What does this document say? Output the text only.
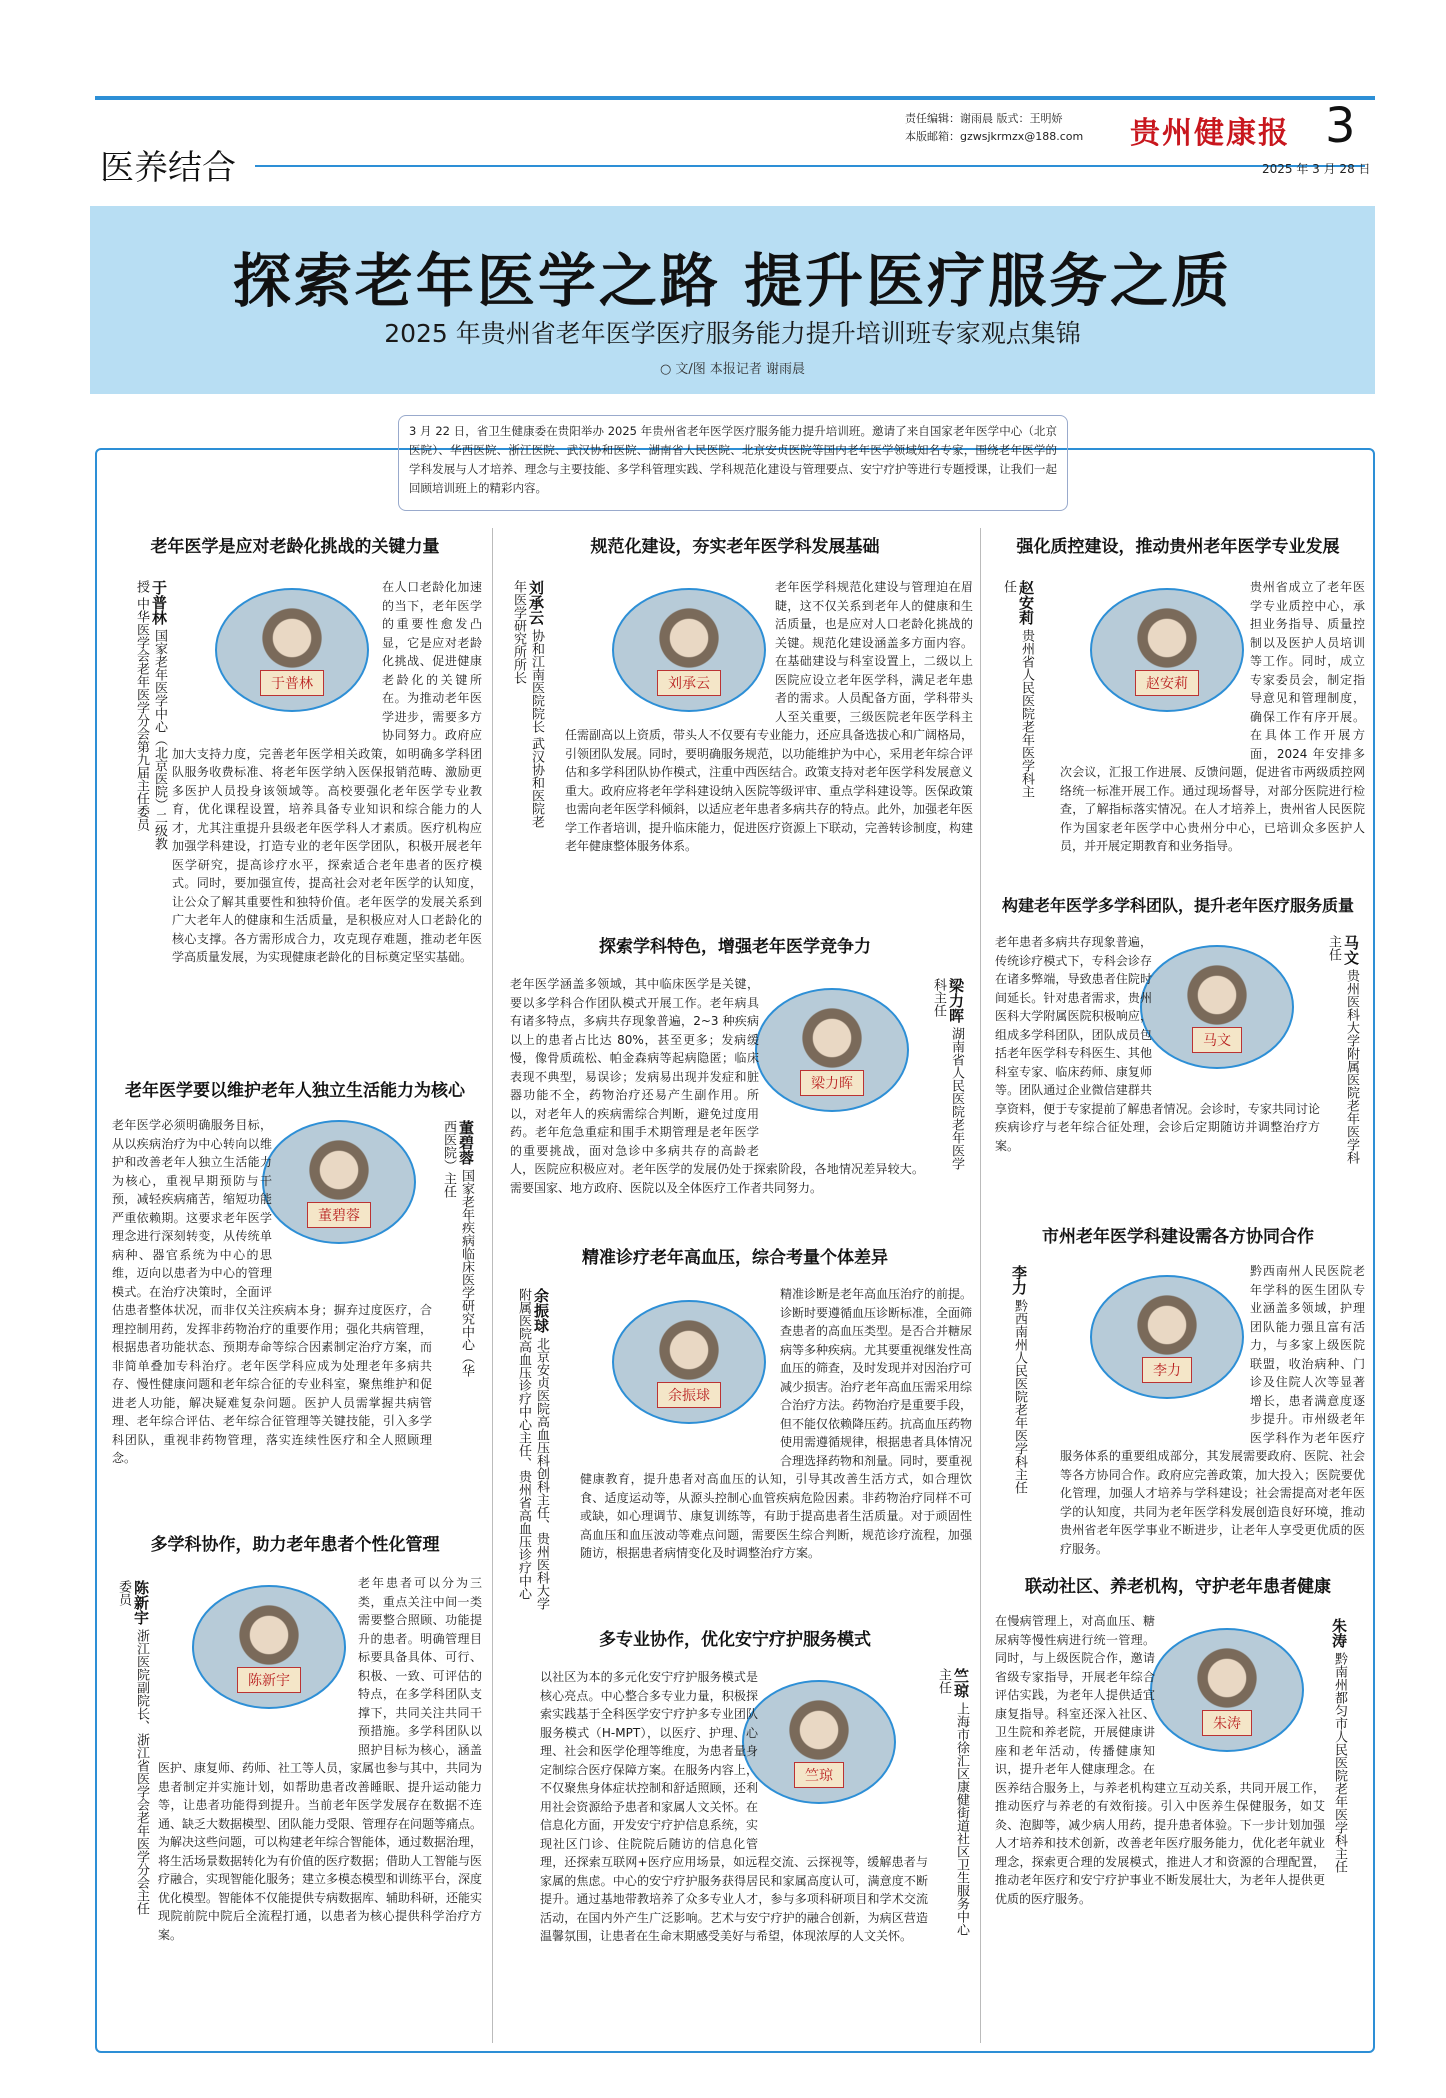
医养结合
责任编辑：谢雨晨 版式：王明娇
本版邮箱：gzwsjkrmzx@188.com 贵州健康报 3
2025 年 3 月 28 日
探索老年医学之路 提升医疗服务之质
2025 年贵州省老年医学医疗服务能力提升培训班专家观点集锦
○ 文/图 本报记者 谢雨晨
3 月 22 日，省卫生健康委在贵阳举办 2025 年贵州省老年医学医疗服务能力提升培训班。邀请了来自国家老年医学中心（北京医院）、华西医院、浙江医院、武汉协和医院、湖南省人民医院、北京安贞医院等国内老年医学领域知名专家，围绕老年医学的学科发展与人才培养、理念与主要技能、多学科管理实践、学科规范化建设与管理要点、安宁疗护等进行专题授课，让我们一起回顾培训班上的精彩内容。
老年医学是应对老龄化挑战的关键力量
于普林 国家老年医学中心（北京医院）二级教授 中华医学会老年医学分会第九届主任委员	于普林
在人口老龄化加速的当下，老年医学的重要性愈发凸显，它是应对老龄化挑战、促进健康老龄化的关键所在。为推动老年医学进步，需要多方协同努力。政府应加大支持力度，完善老年医学相关政策，如明确多学科团队服务收费标准、将老年医学纳入医保报销范畴、激励更多医护人员投身该领域等。高校要强化老年医学专业教育，优化课程设置，培养具备专业知识和综合能力的人才，尤其注重提升县级老年医学科人才素质。医疗机构应加强学科建设，打造专业的老年医学团队，积极开展老年医学研究，提高诊疗水平，探索适合老年患者的医疗模式。同时，要加强宣传，提高社会对老年医学的认知度，让公众了解其重要性和独特价值。老年医学的发展关系到广大老年人的健康和生活质量，是积极应对人口老龄化的核心支撑。各方需形成合力，攻克现存难题，推动老年医学高质量发展，为实现健康老龄化的目标奠定坚实基础。
老年医学要以维护老年人独立生活能力为核心
董碧蓉 国家老年疾病临床医学研究中心（华西医院）主任
董碧蓉
老年医学必须明确服务目标，从以疾病治疗为中心转向以维护和改善老年人独立生活能力为核心，重视早期预防与干预，减轻疾病痛苦，缩短功能严重依赖期。这要求老年医学理念进行深刻转变，从传统单病种、器官系统为中心的思维，迈向以患者为中心的管理模式。在治疗决策时，全面评估患者整体状况，而非仅关注疾病本身；摒弃过度医疗，合理控制用药，发挥非药物治疗的重要作用；强化共病管理，根据患者功能状态、预期寿命等综合因素制定治疗方案，而非简单叠加专科治疗。老年医学科应成为处理老年多病共存、慢性健康问题和老年综合征的专业科室，聚焦维护和促进老人功能，解决疑难复杂问题。医护人员需掌握共病管理、老年综合评估、老年综合征管理等关键技能，引入多学科团队，重视非药物管理，落实连续性医疗和全人照顾理念。
多学科协作，助力老年患者个性化管理
陈新宇 浙江医院副院长、浙江省医学会老年医学分会主任委员
陈新宇
老年患者可以分为三类，重点关注中间一类需要整合照顾、功能提升的患者。明确管理目标要具备具体、可行、积极、一致、可评估的特点，在多学科团队支撑下，共同关注共同干预措施。多学科团队以照护目标为核心，涵盖医护、康复师、药师、社工等人员，家属也参与其中，共同为患者制定并实施计划，如帮助患者改善睡眠、提升运动能力等，让患者功能得到提升。当前老年医学发展存在数据不连通、缺乏大数据模型、团队能力受限、管理存在问题等痛点。为解决这些问题，可以构建老年综合智能体，通过数据治理，将生活场景数据转化为有价值的医疗数据；借助人工智能与医疗融合，实现智能化服务；建立多模态模型和训练平台，深度优化模型。智能体不仅能提供专病数据库、辅助科研，还能实现院前院中院后全流程打通，以患者为核心提供科学治疗方案。
规范化建设，夯实老年医学科发展基础
刘承云 协和江南医院院长 武汉协和医院老年医学研究所所长	刘承云
老年医学科规范化建设与管理迫在眉睫，这不仅关系到老年人的健康和生活质量，也是应对人口老龄化挑战的关键。规范化建设涵盖多方面内容。在基础建设与科室设置上，二级以上医院应设立老年医学科，满足老年患者的需求。人员配备方面，学科带头人至关重要，三级医院老年医学科主任需副高以上资质，带头人不仅要有专业能力，还应具备选拔心和广阔格局，引领团队发展。同时，要明确服务规范，以功能维护为中心，采用老年综合评估和多学科团队协作模式，注重中西医结合。政策支持对老年医学科发展意义重大。政府应将老年学科建设纳入医院等级评审、重点学科建设等。医保政策也需向老年医学科倾斜，以适应老年患者多病共存的特点。此外，加强老年医学工作者培训，提升临床能力，促进医疗资源上下联动，完善转诊制度，构建老年健康整体服务体系。
探索学科特色，增强老年医学竞争力
梁力晖 湖南省人民医院老年医学科主任
梁力晖
老年医学涵盖多领域，其中临床医学是关键，要以多学科合作团队模式开展工作。老年病具有诸多特点，多病共存现象普遍，2~3 种疾病以上的患者占比达 80%，甚至更多；发病缓慢，像骨质疏松、帕金森病等起病隐匿；临床表现不典型，易误诊；发病易出现并发症和脏器功能不全，药物治疗还易产生副作用。所以，对老年人的疾病需综合判断，避免过度用药。老年危急重症和围手术期管理是老年医学的重要挑战，面对急诊中多病共存的高龄老人，医院应积极应对。老年医学的发展仍处于探索阶段，各地情况差异较大。需要国家、地方政府、医院以及全体医疗工作者共同努力。
精准诊疗老年高血压，综合考量个体差异
余振球 北京安贞医院高血压科创科主任、贵州医科大学附属医院高血压诊疗中心主任、贵州省高血压诊疗中心	余振球
精准诊断是老年高血压治疗的前提。诊断时要遵循血压诊断标准，全面筛查患者的高血压类型。是否合并糖尿病等多种疾病。尤其要重视继发性高血压的筛查，及时发现并对因治疗可减少损害。治疗老年高血压需采用综合治疗方法。药物治疗是重要手段，但不能仅依赖降压药。抗高血压药物使用需遵循规律，根据患者具体情况合理选择药物和剂量。同时，要重视健康教育，提升患者对高血压的认知，引导其改善生活方式，如合理饮食、适度运动等，从源头控制心血管疾病危险因素。非药物治疗同样不可或缺，如心理调节、康复训练等，有助于提高患者生活质量。对于顽固性高血压和血压波动等难点问题，需要医生综合判断，规范诊疗流程，加强随访，根据患者病情变化及时调整治疗方案。
多专业协作，优化安宁疗护服务模式
竺琼 上海市徐汇区康健街道社区卫生服务中心主任
竺琼
以社区为本的多元化安宁疗护服务模式是核心亮点。中心整合多专业力量，积极探索实践基于全科医学安宁疗护多专业团队服务模式（H-MPT），以医疗、护理、心理、社会和医学伦理等维度，为患者量身定制综合医疗保障方案。在服务内容上，不仅聚焦身体症状控制和舒适照顾，还利用社会资源给予患者和家属人文关怀。在信息化方面，开发安宁疗护信息系统，实现社区门诊、住院院后随访的信息化管理，还探索互联网+医疗应用场景，如远程交流、云探视等，缓解患者与家属的焦虑。中心的安宁疗护服务获得居民和家属高度认可，满意度不断提升。通过基地带教培养了众多专业人才，参与多项科研项目和学术交流活动，在国内外产生广泛影响。艺术与安宁疗护的融合创新，为病区营造温馨氛围，让患者在生命末期感受美好与希望，体现浓厚的人文关怀。
强化质控建设，推动贵州老年医学专业发展
赵安莉 贵州省人民医院老年医学科主任
赵安莉
贵州省成立了老年医学专业质控中心，承担业务指导、质量控制以及医护人员培训等工作。同时，成立专家委员会，制定指导意见和管理制度，确保工作有序开展。在具体工作开展方面，2024 年安排多次会议，汇报工作进展、反馈问题，促进省市两级质控网络统一标准开展工作。通过现场督导，对部分医院进行检查，了解指标落实情况。在人才培养上，贵州省人民医院作为国家老年医学中心贵州分中心，已培训众多医护人员，并开展定期教育和业务指导。
构建老年医学多学科团队，提升老年医疗服务质量
马文 贵州医科大学附属医院老年医学科主任
马文
老年患者多病共存现象普遍，传统诊疗模式下，专科会诊存在诸多弊端，导致患者住院时间延长。针对患者需求，贵州医科大学附属医院积极响应，组成多学科团队，团队成员包括老年医学科专科医生、其他科室专家、临床药师、康复师等。团队通过企业微信建群共享资料，便于专家提前了解患者情况。会诊时，专家共同讨论疾病诊疗与老年综合征处理，会诊后定期随访并调整治疗方案。
市州老年医学科建设需各方协同合作
李力 黔西南州人民医院老年医学科主任	李力
黔西南州人民医院老年学科的医生团队专业涵盖多领域，护理团队能力强且富有活力，与多家上级医院联盟，收治病种、门诊及住院人次等显著增长，患者满意度逐步提升。市州级老年医学科作为老年医疗服务体系的重要组成部分，其发展需要政府、医院、社会等各方协同合作。政府应完善政策，加大投入；医院要优化管理，加强人才培养与学科建设；社会需提高对老年医学的认知度，共同为老年医学科发展创造良好环境，推动贵州省老年医学事业不断进步，让老年人享受更优质的医疗服务。
联动社区、养老机构，守护老年患者健康
朱涛 黔南州都匀市人民医院老年医学科主任
朱涛
在慢病管理上，对高血压、糖尿病等慢性病进行统一管理。同时，与上级医院合作，邀请省级专家指导，开展老年综合评估实践，为老年人提供适宜康复指导。科室还深入社区、卫生院和养老院，开展健康讲座和老年活动，传播健康知识，提升老年人健康理念。在医养结合服务上，与养老机构建立互动关系，共同开展工作，推动医疗与养老的有效衔接。引入中医养生保健服务，如艾灸、泡脚等，减少病人用药，提升患者体验。下一步计划加强人才培养和技术创新，改善老年医疗服务能力，优化老年就业理念，探索更合理的发展模式，推进人才和资源的合理配置，推动老年医疗和安宁疗护事业不断发展壮大，为老年人提供更优质的医疗服务。
